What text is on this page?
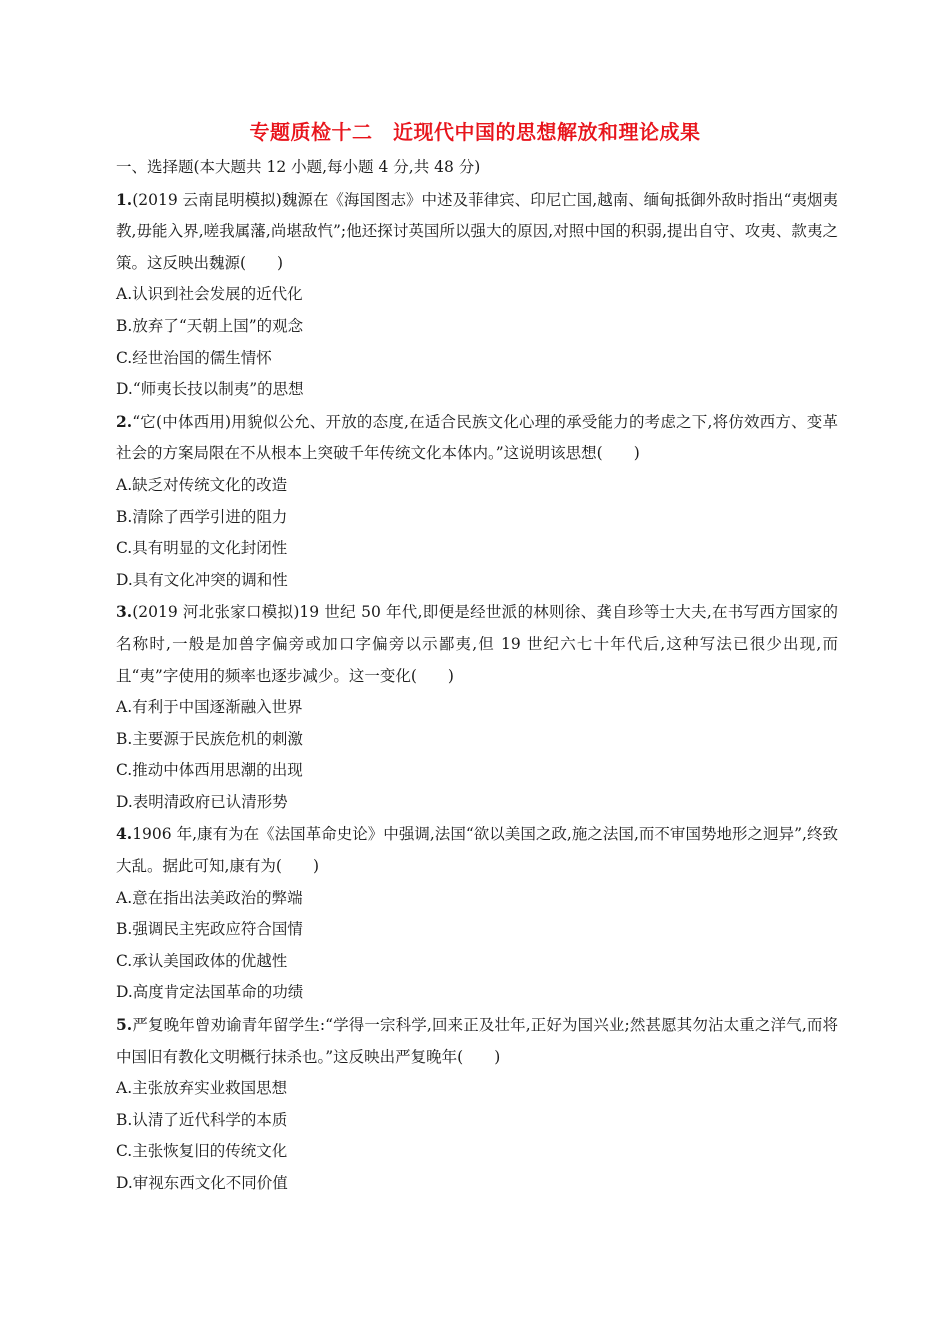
专题质检十二　近现代中国的思想解放和理论成果
一、选择题(本大题共 12 小题,每小题 4 分,共 48 分)
1.(2019 云南昆明模拟)魏源在《海国图志》中述及菲律宾、印尼亡国,越南、缅甸抵御外敌时指出“夷烟夷教,毋能入界,嗟我属藩,尚堪敌忾”;他还探讨英国所以强大的原因,对照中国的积弱,提出自守、攻夷、款夷之策。这反映出魏源(　　)
A.认识到社会发展的近代化
B.放弃了“天朝上国”的观念
C.经世治国的儒生情怀
D.“师夷长技以制夷”的思想
2.“它(中体西用)用貌似公允、开放的态度,在适合民族文化心理的承受能力的考虑之下,将仿效西方、变革社会的方案局限在不从根本上突破千年传统文化本体内。”这说明该思想(　　)
A.缺乏对传统文化的改造
B.清除了西学引进的阻力
C.具有明显的文化封闭性
D.具有文化冲突的调和性
3.(2019 河北张家口模拟)19 世纪 50 年代,即便是经世派的林则徐、龚自珍等士大夫,在书写西方国家的名称时,一般是加兽字偏旁或加口字偏旁以示鄙夷,但 19 世纪六七十年代后,这种写法已很少出现,而且“夷”字使用的频率也逐步减少。这一变化(　　)
A.有利于中国逐渐融入世界
B.主要源于民族危机的刺激
C.推动中体西用思潮的出现
D.表明清政府已认清形势
4.1906 年,康有为在《法国革命史论》中强调,法国“欲以美国之政,施之法国,而不审国势地形之迥异”,终致大乱。据此可知,康有为(　　)
A.意在指出法美政治的弊端
B.强调民主宪政应符合国情
C.承认美国政体的优越性
D.高度肯定法国革命的功绩
5.严复晚年曾劝谕青年留学生:“学得一宗科学,回来正及壮年,正好为国兴业;然甚愿其勿沾太重之洋气,而将中国旧有教化文明概行抹杀也。”这反映出严复晚年(　　)
A.主张放弃实业救国思想
B.认清了近代科学的本质
C.主张恢复旧的传统文化
D.审视东西文化不同价值
